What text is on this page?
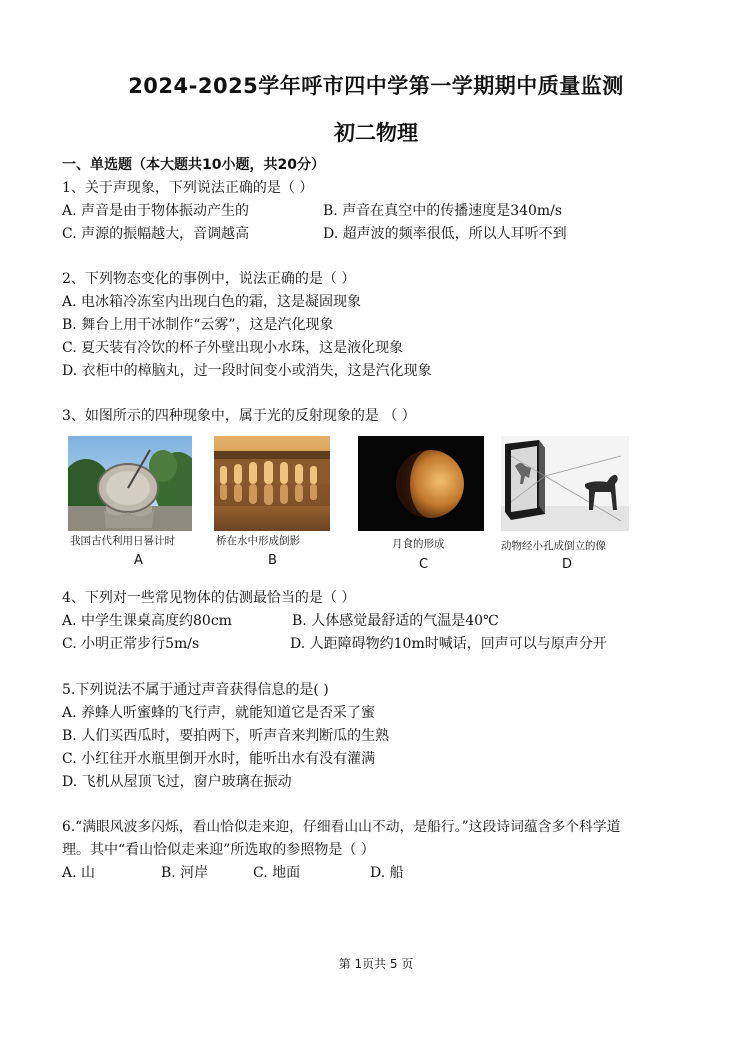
2024-2025学年呼市四中学第一学期期中质量监测
初二物理
一、单选题（本大题共10小题，共20分）
1、关于声现象，下列说法正确的是（ ）
A. 声音是由于物体振动产生的	B. 声音在真空中的传播速度是340m/s
C. 声源的振幅越大，音调越高	D. 超声波的频率很低，所以人耳听不到
2、下列物态变化的事例中，说法正确的是（ ）
A. 电冰箱冷冻室内出现白色的霜，这是凝固现象
B. 舞台上用干冰制作“云雾”，这是汽化现象
C. 夏天装有冷饮的杯子外壁出现小水珠，这是液化现象
D. 衣柜中的樟脑丸，过一段时间变小或消失，这是汽化现象
3、如图所示的四种现象中，属于光的反射现象的是 （ ）
我国古代利用日晷计时
A
桥在水中形成倒影
B
月食的形成
C
动物经小孔成倒立的像
D
4、下列对一些常见物体的估测最恰当的是（ ）
A. 中学生课桌高度约80cm	B. 人体感觉最舒适的气温是40℃
C. 小明正常步行5m/s	D. 人距障碍物约10m时喊话，回声可以与原声分开
5.下列说法不属于通过声音获得信息的是( )
A. 养蜂人听蜜蜂的飞行声，就能知道它是否采了蜜
B. 人们买西瓜时，要拍两下，听声音来判断瓜的生熟
C. 小红往开水瓶里倒开水时，能听出水有没有灌满
D. 飞机从屋顶飞过，窗户玻璃在振动
6.“满眼风波多闪烁，看山恰似走来迎，仔细看山山不动，是船行。”这段诗词蕴含多个科学道
理。其中“看山恰似走来迎”所选取的参照物是（ ）
A. 山	B. 河岸	C. 地面	D. 船
第 1页共 5 页
